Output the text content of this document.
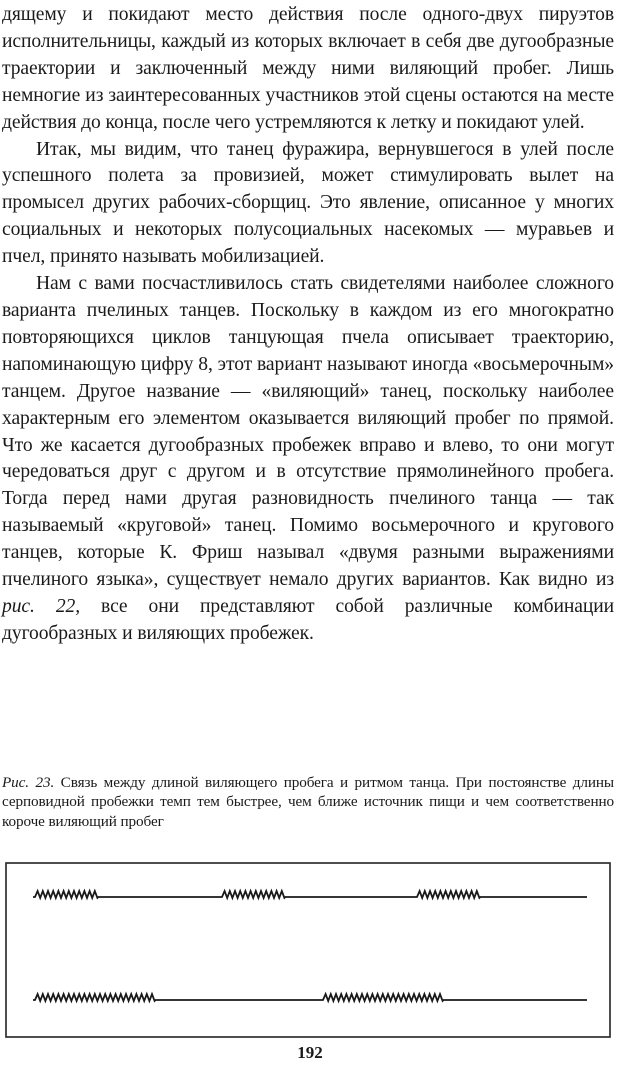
дящему и покидают место действия после одного-двух пируэтов исполнительницы, каждый из которых включает в себя две дугообразные траектории и заключенный между ними виляющий пробег. Лишь немногие из заинтересованных участников этой сцены остаются на месте действия до конца, после чего устремляются к летку и покидают улей.

Итак, мы видим, что танец фуражира, вернувшегося в улей после успешного полета за провизией, может стимулировать вылет на промысел других рабочих-сборщиц. Это явление, описанное у многих социальных и некоторых полусоциальных насекомых — муравьев и пчел, принято называть мобилизацией.

Нам с вами посчастливилось стать свидетелями наиболее сложного варианта пчелиных танцев. Поскольку в каждом из его многократно повторяющихся циклов танцующая пчела описывает траекторию, напоминающую цифру 8, этот вариант называют иногда «восьмерочным» танцем. Другое название — «виляющий» танец, поскольку наиболее характерным его элементом оказывается виляющий пробег по прямой. Что же касается дугообразных пробежек вправо и влево, то они могут чередоваться друг с другом и в отсутствие прямолинейного пробега. Тогда перед нами другая разновидность пчелиного танца — так называемый «круговой» танец. Помимо восьмерочного и кругового танцев, которые К. Фриш называл «двумя разными выражениями пчелиного языка», существует немало других вариантов. Как видно из рис. 22, все они представляют собой различные комбинации дугообразных и виляющих пробежек.

Рис. 23. Связь между длиной виляющего пробега и ритмом танца. При постоянстве длины серповидной пробежки темп тем быстрее, чем ближе источник пищи и чем соответственно короче виляющий пробег
192
